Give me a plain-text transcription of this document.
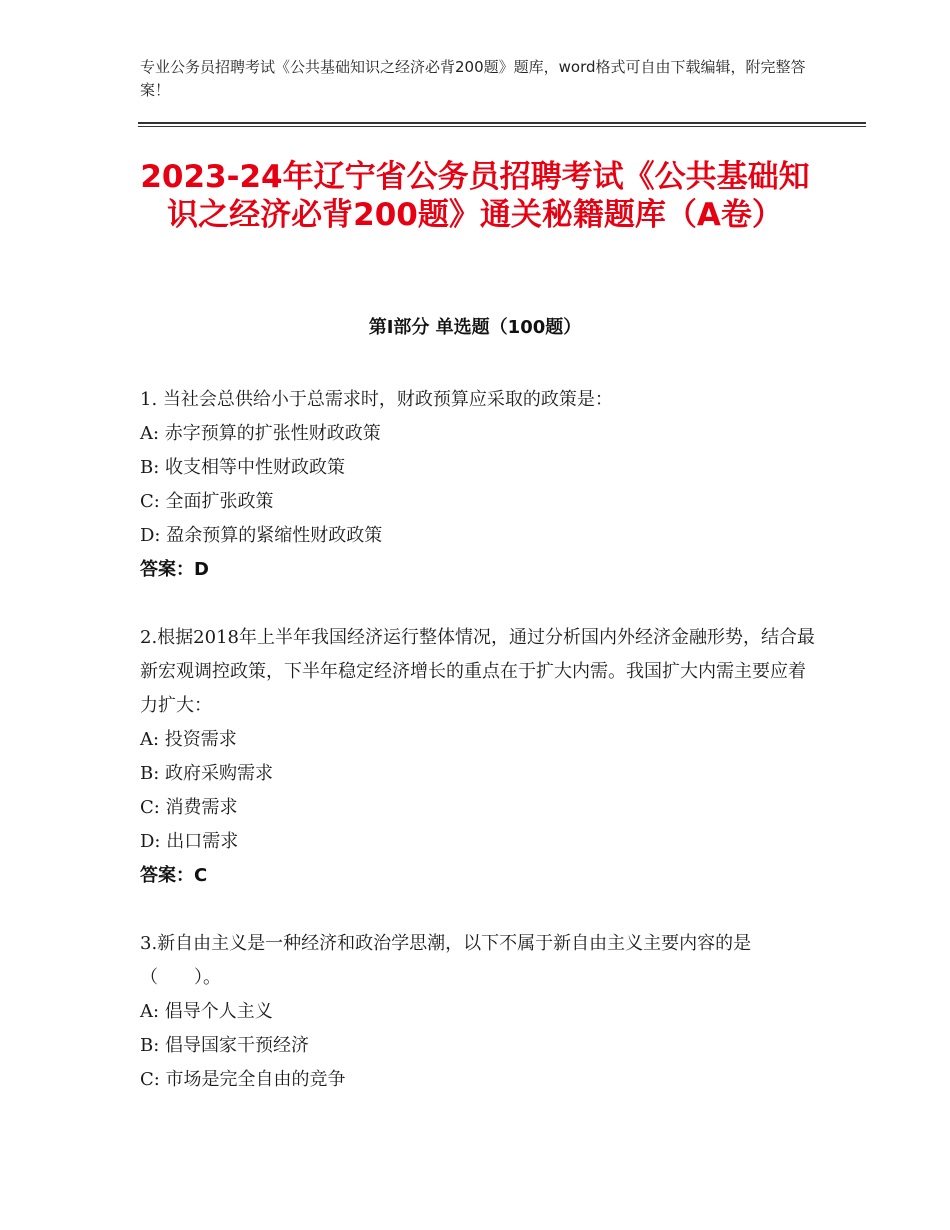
专业公务员招聘考试《公共基础知识之经济必背200题》题库，word格式可自由下载编辑，附完整答案！
2023-24年辽宁省公务员招聘考试《公共基础知识之经济必背200题》通关秘籍题库（A卷）
第Ⅰ部分 单选题（100题）
1. 当社会总供给小于总需求时，财政预算应采取的政策是：
A: 赤字预算的扩张性财政政策
B: 收支相等中性财政政策
C: 全面扩张政策
D: 盈余预算的紧缩性财政政策
答案：D
2.根据2018年上半年我国经济运行整体情况，通过分析国内外经济金融形势，结合最新宏观调控政策，下半年稳定经济增长的重点在于扩大内需。我国扩大内需主要应着力扩大：
A: 投资需求
B: 政府采购需求
C: 消费需求
D: 出口需求
答案：C
3.新自由主义是一种经济和政治学思潮，以下不属于新自由主义主要内容的是（　　）。
A: 倡导个人主义
B: 倡导国家干预经济
C: 市场是完全自由的竞争
